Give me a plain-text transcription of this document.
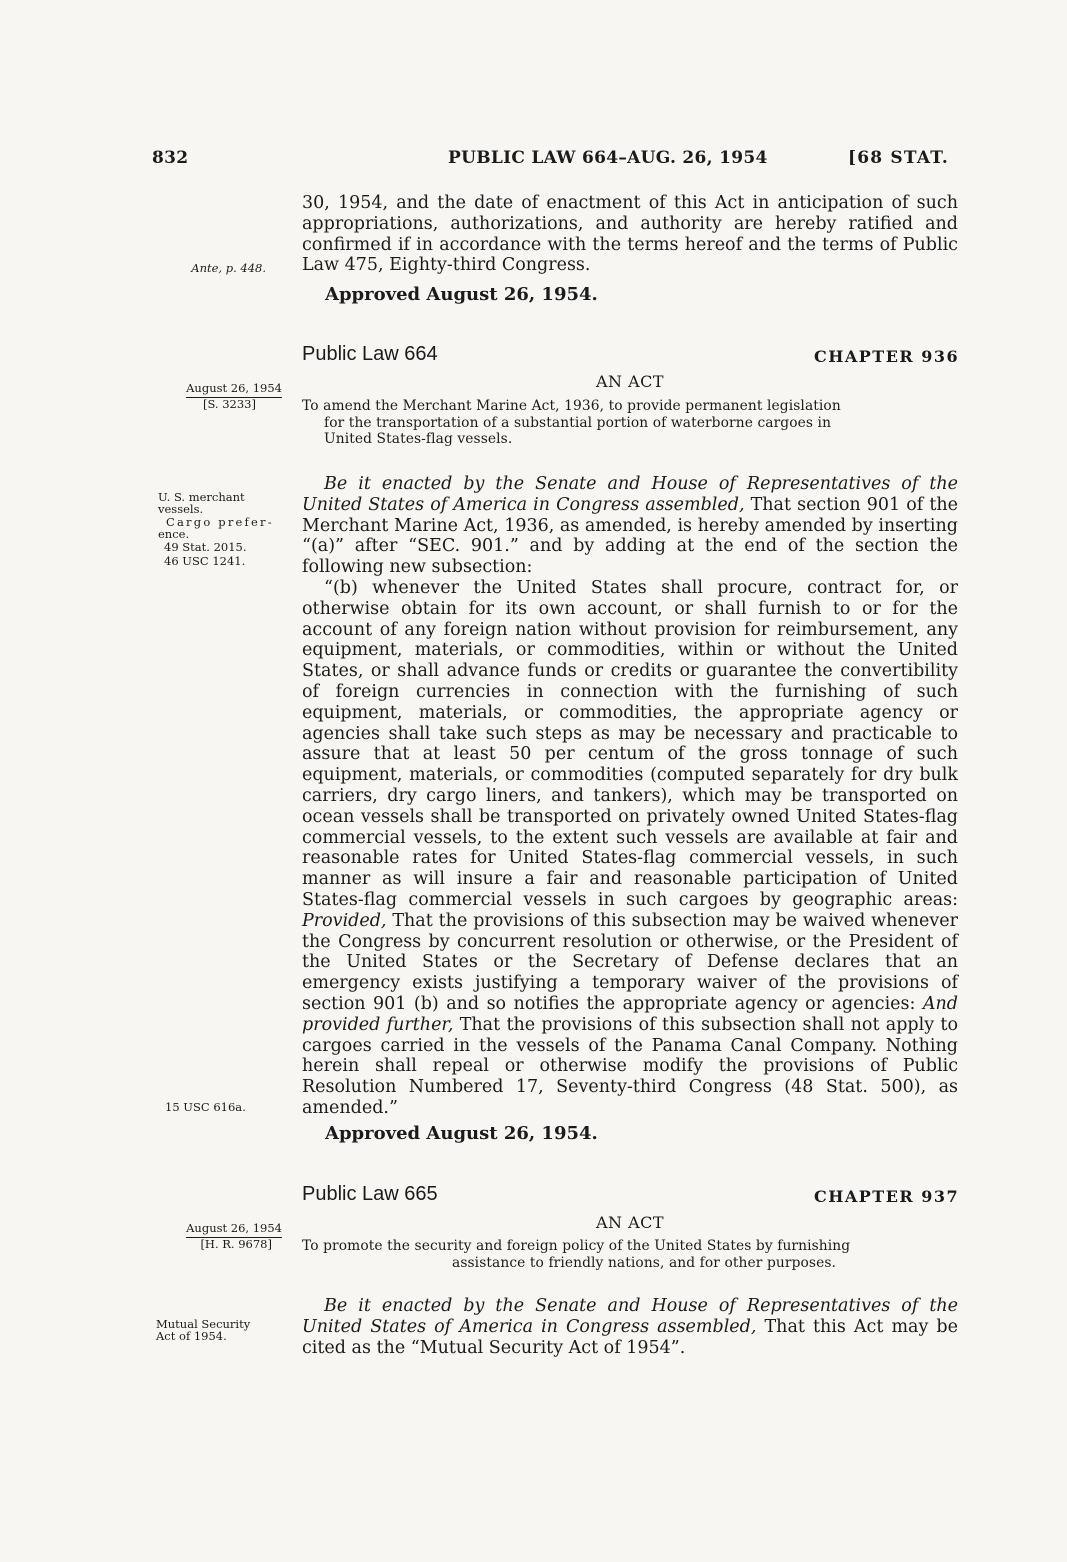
832	PUBLIC LAW 664–AUG. 26, 1954	[68 STAT.

30, 1954, and the date of enactment of this Act in anticipation of such appropriations, authorizations, and authority are hereby ratified and confirmed if in accordance with the terms hereof and the terms of Public Law 475, Eighty-third Congress.

Ante, p. 448.
Approved August 26, 1954.
Public Law 664	CHAPTER 936
AN ACT
August 26, 1954
[S. 3233]	To amend the Merchant Marine Act, 1936, to provide permanent legislation
for the transportation of a substantial portion of waterborne cargoes in
United States-flag vessels.

Be it enacted by the Senate and House of Representatives of the United States of America in Congress assembled, That section 901 of the Merchant Marine Act, 1936, as amended, is hereby amended by inserting “(a)” after “SEC. 901.” and by adding at the end of the section the following new subsection:

U. S. merchant
vessels.
Cargo prefer-
ence.
49 Stat. 2015.
46 USC 1241.

“(b) whenever the United States shall procure, contract for, or otherwise obtain for its own account, or shall furnish to or for the account of any foreign nation without provision for reimbursement, any equipment, materials, or commodities, within or without the United States, or shall advance funds or credits or guarantee the convertibility of foreign currencies in connection with the furnishing of such equipment, materials, or commodities, the appropriate agency or agencies shall take such steps as may be necessary and practicable to assure that at least 50 per centum of the gross tonnage of such equipment, materials, or commodities (computed separately for dry bulk carriers, dry cargo liners, and tankers), which may be transported on ocean vessels shall be transported on privately owned United States-flag commercial vessels, to the extent such vessels are available at fair and reasonable rates for United States-flag commercial vessels, in such manner as will insure a fair and reasonable participation of United States-flag commercial vessels in such cargoes by geographic areas: Provided, That the provisions of this subsection may be waived whenever the Congress by concurrent resolution or otherwise, or the President of the United States or the Secretary of Defense declares that an emergency exists justifying a temporary waiver of the provisions of section 901 (b) and so notifies the appropriate agency or agencies: And provided further, That the provisions of this subsection shall not apply to cargoes carried in the vessels of the Panama Canal Company. Nothing herein shall repeal or otherwise modify the provisions of Public Resolution Numbered 17, Seventy-third Congress (48 Stat. 500), as amended.”

15 USC 616a.
Approved August 26, 1954.
Public Law 665	CHAPTER 937
AN ACT
August 26, 1954
[H. R. 9678]	To promote the security and foreign policy of the United States by furnishing
assistance to friendly nations, and for other purposes.

Be it enacted by the Senate and House of Representatives of the United States of America in Congress assembled, That this Act may be cited as the “Mutual Security Act of 1954”.

Mutual Security
Act of 1954.
